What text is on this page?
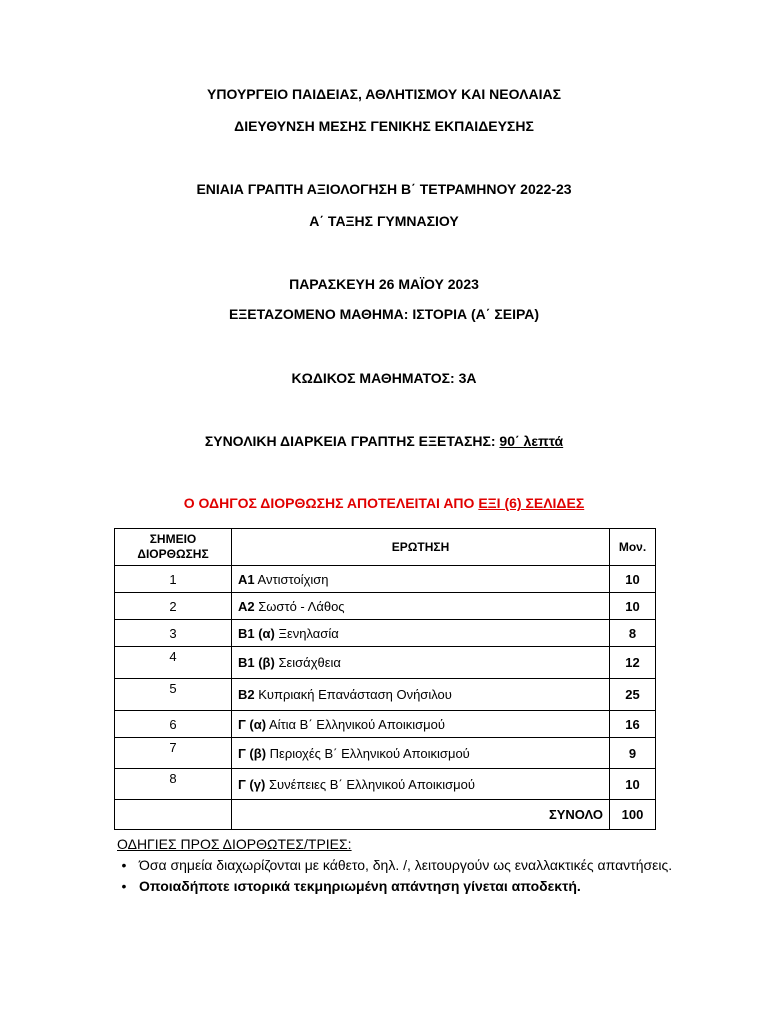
ΥΠΟΥΡΓΕΙΟ ΠΑΙΔΕΙΑΣ, ΑΘΛΗΤΙΣΜΟΥ ΚΑΙ ΝΕΟΛΑΙΑΣ
ΔΙΕΥΘΥΝΣΗ ΜΕΣΗΣ ΓΕΝΙΚΗΣ ΕΚΠΑΙΔΕΥΣΗΣ
ΕΝΙΑΙΑ ΓΡΑΠΤΗ ΑΞΙΟΛΟΓΗΣΗ Β΄ ΤΕΤΡΑΜΗΝΟΥ 2022-23
Α΄ ΤΑΞΗΣ ΓΥΜΝΑΣΙΟΥ
ΠΑΡΑΣΚΕΥΗ 26 ΜΑΪΟΥ 2023
ΕΞΕΤΑΖΟΜΕΝΟ ΜΑΘΗΜΑ: ΙΣΤΟΡΙΑ (Α΄ ΣΕΙΡΑ)
ΚΩΔΙΚΟΣ ΜΑΘΗΜΑΤΟΣ: 3Α
ΣΥΝΟΛΙΚΗ ΔΙΑΡΚΕΙΑ ΓΡΑΠΤΗΣ ΕΞΕΤΑΣΗΣ: 90΄ λεπτά
Ο ΟΔΗΓΟΣ ΔΙΟΡΘΩΣΗΣ ΑΠΟΤΕΛΕΙΤΑΙ ΑΠΟ ΕΞΙ (6) ΣΕΛΙΔΕΣ
ΣΗΜΕΙΟ ΔΙΟΡΘΩΣΗΣ	ΕΡΩΤΗΣΗ	Μον.
1	Α1 Αντιστοίχιση	10
2	Α2 Σωστό - Λάθος	10
3	Β1 (α) Ξενηλασία	8
4	Β1 (β) Σεισάχθεια	12
5	Β2 Κυπριακή Επανάσταση Ονήσιλου	25
6	Γ (α) Αίτια Β΄ Ελληνικού Αποικισμού	16
7	Γ (β) Περιοχές Β΄ Ελληνικού Αποικισμού	9
8	Γ (γ) Συνέπειες Β΄ Ελληνικού Αποικισμού	10
	ΣΥΝΟΛΟ	100
ΟΔΗΓΙΕΣ ΠΡΟΣ ΔΙΟΡΘΩΤΕΣ/ΤΡΙΕΣ:
• Όσα σημεία διαχωρίζονται με κάθετο, δηλ. /, λειτουργούν ως εναλλακτικές απαντήσεις.
• Οποιαδήποτε ιστορικά τεκμηριωμένη απάντηση γίνεται αποδεκτή.
